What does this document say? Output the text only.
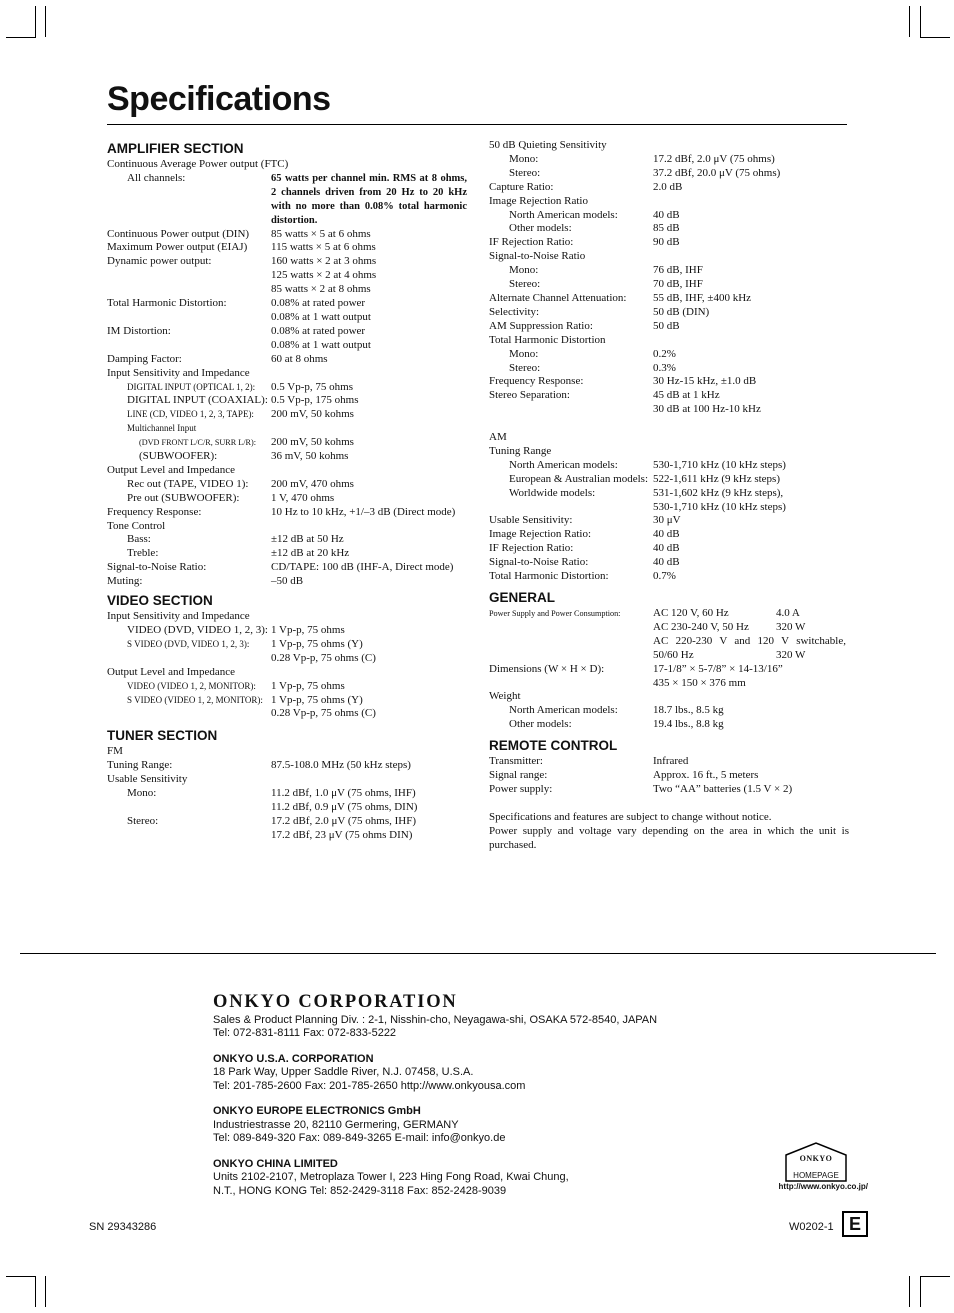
Specifications
AMPLIFIER SECTION
Continuous Average Power output (FTC)
All channels:	65 watts per channel min. RMS at 8 ohms, 2 channels driven from 20 Hz to 20 kHz with no more than 0.08% total harmonic distortion.
Continuous Power output (DIN)	85 watts × 5 at 6 ohms
Maximum Power output (EIAJ)	115 watts × 5 at 6 ohms
Dynamic power output:	160 watts × 2 at 3 ohms
125 watts × 2 at 4 ohms
85 watts × 2 at 8 ohms
Total Harmonic Distortion:	0.08% at rated power
0.08% at 1 watt output
IM Distortion:	0.08% at rated power
0.08% at 1 watt output
Damping Factor:	60 at 8 ohms
Input Sensitivity and Impedance
DIGITAL INPUT (OPTICAL 1, 2):	0.5 Vp-p, 75 ohms
DIGITAL INPUT (COAXIAL): 0.5 Vp-p, 175 ohms
LINE (CD, VIDEO 1, 2, 3, TAPE):	200 mV, 50 kohms
Multichannel Input
(DVD FRONT L/C/R, SURR L/R):	200 mV, 50 kohms
(SUBWOOFER):	36 mV, 50 kohms
Output Level and Impedance
Rec out (TAPE, VIDEO 1):	200 mV, 470 ohms
Pre out (SUBWOOFER):	1 V, 470 ohms
Frequency Response:	10 Hz to 10 kHz, +1/–3 dB (Direct mode)
Tone Control
Bass:	±12 dB at 50 Hz
Treble:	±12 dB at 20 kHz
Signal-to-Noise Ratio:	CD/TAPE: 100 dB (IHF-A, Direct mode)
Muting:	–50 dB
VIDEO SECTION
Input Sensitivity and Impedance
VIDEO (DVD, VIDEO 1, 2, 3): 1 Vp-p, 75 ohms
S VIDEO (DVD, VIDEO 1, 2, 3):	1 Vp-p, 75 ohms (Y)
0.28 Vp-p, 75 ohms (C)
Output Level and Impedance
VIDEO (VIDEO 1, 2, MONITOR):	1 Vp-p, 75 ohms
S VIDEO (VIDEO 1, 2, MONITOR): 1 Vp-p, 75 ohms (Y)
0.28 Vp-p, 75 ohms (C)
TUNER SECTION
FM
Tuning Range:	87.5-108.0 MHz (50 kHz steps)
Usable Sensitivity
Mono:	11.2 dBf, 1.0 μV (75 ohms, IHF)
11.2 dBf, 0.9 μV (75 ohms, DIN)
Stereo:	17.2 dBf, 2.0 μV (75 ohms, IHF)
17.2 dBf, 23 μV (75 ohms DIN)
50 dB Quieting Sensitivity
Mono:	17.2 dBf, 2.0 μV (75 ohms)
Stereo:	37.2 dBf, 20.0 μV (75 ohms)
Capture Ratio:	2.0 dB
Image Rejection Ratio
North American models:	40 dB
Other models:	85 dB
IF Rejection Ratio:	90 dB
Signal-to-Noise Ratio
Mono:	76 dB, IHF
Stereo:	70 dB, IHF
Alternate Channel Attenuation:	55 dB, IHF, ±400 kHz
Selectivity:	50 dB (DIN)
AM Suppression Ratio:	50 dB
Total Harmonic Distortion
Mono:	0.2%
Stereo:	0.3%
Frequency Response:	30 Hz-15 kHz, ±1.0 dB
Stereo Separation:	45 dB at 1 kHz
30 dB at 100 Hz-10 kHz

AM
Tuning Range
North American models:	530-1,710 kHz (10 kHz steps)
European & Australian models: 522-1,611 kHz (9 kHz steps)
Worldwide models:	531-1,602 kHz (9 kHz steps),
530-1,710 kHz (10 kHz steps)
Usable Sensitivity:	30 μV
Image Rejection Ratio:	40 dB
IF Rejection Ratio:	40 dB
Signal-to-Noise Ratio:	40 dB
Total Harmonic Distortion:	0.7%
GENERAL
Power Supply and Power Consumption:	AC 120 V, 60 Hz	4.0 A
AC 230-240 V, 50 Hz	320 W
AC 220-230 V and 120 V switchable, 50/60 Hz	320 W
Dimensions (W × H × D):	17-1/8” × 5-7/8” × 14-13/16”
435 × 150 × 376 mm
Weight
North American models:	18.7 lbs., 8.5 kg
Other models:	19.4 lbs., 8.8 kg
REMOTE CONTROL
Transmitter:	Infrared
Signal range:	Approx. 16 ft., 5 meters
Power supply:	Two “AA” batteries (1.5 V × 2)
Specifications and features are subject to change without notice.
Power supply and voltage vary depending on the area in which the unit is purchased.
ONKYO CORPORATION
Sales & Product Planning Div. : 2-1, Nisshin-cho, Neyagawa-shi, OSAKA 572-8540, JAPAN
Tel: 072-831-8111 Fax: 072-833-5222
ONKYO U.S.A. CORPORATION
18 Park Way, Upper Saddle River, N.J. 07458, U.S.A.
Tel: 201-785-2600 Fax: 201-785-2650 http://www.onkyousa.com
ONKYO EUROPE ELECTRONICS GmbH
Industriestrasse 20, 82110 Germering, GERMANY
Tel: 089-849-320 Fax: 089-849-3265 E-mail: info@onkyo.de
ONKYO CHINA LIMITED
Units 2102-2107, Metroplaza Tower I, 223 Hing Fong Road, Kwai Chung,
N.T., HONG KONG Tel: 852-2429-3118 Fax: 852-2428-9039
ONKYO
HOMEPAGE
http://www.onkyo.co.jp/
SN 29343286	W0202-1 E
